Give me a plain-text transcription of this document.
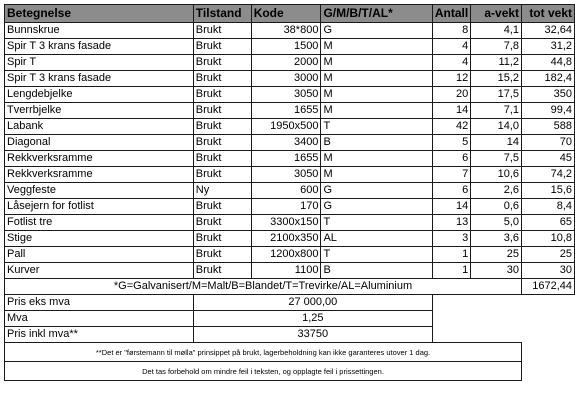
Betegnelse	Tilstand	Kode	G/M/B/T/AL*	Antall	a-vekt	tot vekt
Bunnskrue	Brukt	38*800	G	8	4,1	32,64
Spir T 3 krans fasade	Brukt	1500	M	4	7,8	31,2
Spir T	Brukt	2000	M	4	11,2	44,8
Spir T 3 krans fasade	Brukt	3000	M	12	15,2	182,4
Lengdebjelke	Brukt	3050	M	20	17,5	350
Tverrbjelke	Brukt	1655	M	14	7,1	99,4
Labank	Brukt	1950x500	T	42	14,0	588
Diagonal	Brukt	3400	B	5	14	70
Rekkverksramme	Brukt	1655	M	6	7,5	45
Rekkverksramme	Brukt	3050	M	7	10,6	74,2
Veggfeste	Ny	600	G	6	2,6	15,6
Låsejern for fotlist	Brukt	170	G	14	0,6	8,4
Fotlist tre	Brukt	3300x150	T	13	5,0	65
Stige	Brukt	2100x350	AL	3	3,6	10,8
Pall	Brukt	1200x800	T	1	25	25
Kurver	Brukt	1100	B	1	30	30
*G=Galvanisert/M=Malt/B=Blandet/T=Trevirke/AL=Aluminium						1672,44
Pris eks mva	27 000,00					
Mva	1,25					
Pris inkl mva**	33750					
**Det er "førstemann til mølla" prinsippet på brukt, lagerbeholdning kan ikke garanteres utover 1 dag.						
Det tas forbehold om mindre feil i teksten, og opplagte feil i prissettingen.						
